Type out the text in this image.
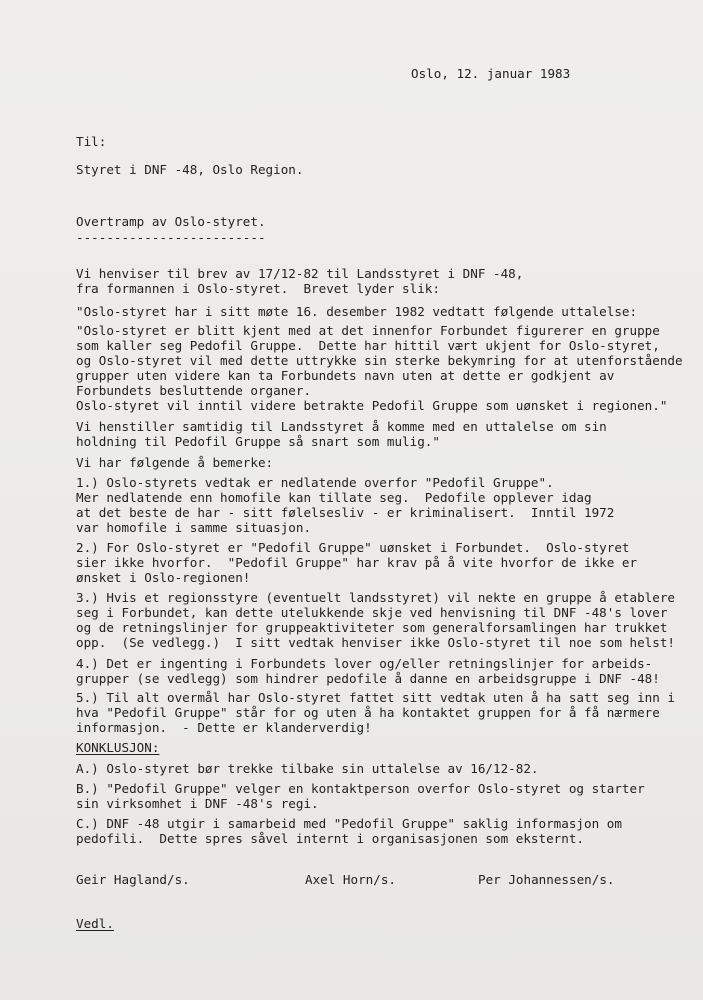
Oslo, 12. januar 1983
Til:
Styret i DNF -48, Oslo Region.
Overtramp av Oslo-styret.
-------------------------
Vi henviser til brev av 17/12-82 til Landsstyret i DNF -48,
fra formannen i Oslo-styret.  Brevet lyder slik:
"Oslo-styret har i sitt møte 16. desember 1982 vedtatt følgende uttalelse:
"Oslo-styret er blitt kjent med at det innenfor Forbundet figurerer en gruppe
som kaller seg Pedofil Gruppe.  Dette har hittil vært ukjent for Oslo-styret,
og Oslo-styret vil med dette uttrykke sin sterke bekymring for at utenforstående
grupper uten videre kan ta Forbundets navn uten at dette er godkjent av
Forbundets besluttende organer.
Oslo-styret vil inntil videre betrakte Pedofil Gruppe som uønsket i regionen."
Vi henstiller samtidig til Landsstyret å komme med en uttalelse om sin
holdning til Pedofil Gruppe så snart som mulig."
Vi har følgende å bemerke:
1.) Oslo-styrets vedtak er nedlatende overfor "Pedofil Gruppe".
Mer nedlatende enn homofile kan tillate seg.  Pedofile opplever idag
at det beste de har - sitt følelsesliv - er kriminalisert.  Inntil 1972
var homofile i samme situasjon.
2.) For Oslo-styret er "Pedofil Gruppe" uønsket i Forbundet.  Oslo-styret
sier ikke hvorfor.  "Pedofil Gruppe" har krav på å vite hvorfor de ikke er
ønsket i Oslo-regionen!
3.) Hvis et regionsstyre (eventuelt landsstyret) vil nekte en gruppe å etablere
seg i Forbundet, kan dette utelukkende skje ved henvisning til DNF -48's lover
og de retningslinjer for gruppeaktiviteter som generalforsamlingen har trukket
opp.  (Se vedlegg.)  I sitt vedtak henviser ikke Oslo-styret til noe som helst!
4.) Det er ingenting i Forbundets lover og/eller retningslinjer for arbeids-
grupper (se vedlegg) som hindrer pedofile å danne en arbeidsgruppe i DNF -48!
5.) Til alt overmål har Oslo-styret fattet sitt vedtak uten å ha satt seg inn i
hva "Pedofil Gruppe" står for og uten å ha kontaktet gruppen for å få nærmere
informasjon.  - Dette er klanderverdig!
KONKLUSJON:
A.) Oslo-styret bør trekke tilbake sin uttalelse av 16/12-82.
B.) "Pedofil Gruppe" velger en kontaktperson overfor Oslo-styret og starter
sin virksomhet i DNF -48's regi.
C.) DNF -48 utgir i samarbeid med "Pedofil Gruppe" saklig informasjon om
pedofili.  Dette spres såvel internt i organisasjonen som eksternt.
Geir Hagland/s.	Axel Horn/s.	Per Johannessen/s.
Vedl.
